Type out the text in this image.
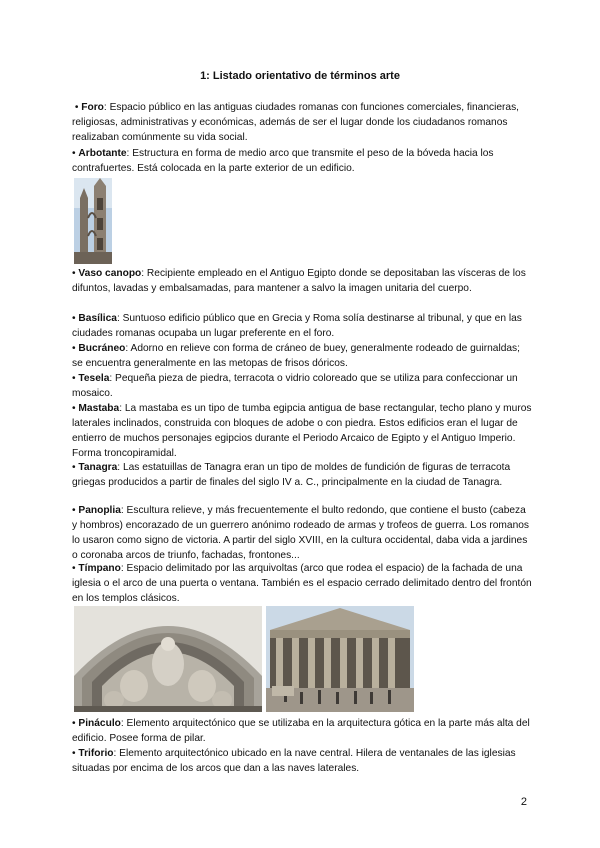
1: Listado orientativo de términos arte

• Foro: Espacio público en las antiguas ciudades romanas con funciones comerciales, financieras, religiosas, administrativas y económicas, además de ser el lugar donde los ciudadanos romanos realizaban comúnmente su vida social.

• Arbotante: Estructura en forma de medio arco que transmite el peso de la bóveda hacia los contrafuertes. Está colocada en la parte exterior de un edificio.

• Vaso canopo: Recipiente empleado en el Antiguo Egipto donde se depositaban las vísceras de los difuntos, lavadas y embalsamadas, para mantener a salvo la imagen unitaria del cuerpo.

• Basílica: Suntuoso edificio público que en Grecia y Roma solía destinarse al tribunal, y que en las ciudades romanas ocupaba un lugar preferente en el foro.

• Bucráneo: Adorno en relieve con forma de cráneo de buey, generalmente rodeado de guirnaldas; se encuentra generalmente en las metopas de frisos dóricos.

• Tesela: Pequeña pieza de piedra, terracota o vidrio coloreado que se utiliza para confeccionar un mosaico.

• Mastaba: La mastaba es un tipo de tumba egipcia antigua de base rectangular, techo plano y muros laterales inclinados, construida con bloques de adobe o con piedra. Estos edificios eran el lugar de entierro de muchos personajes egipcios durante el Periodo Arcaico de Egipto y el Antiguo Imperio. Forma troncopiramidal.

• Tanagra: Las estatuillas de Tanagra eran un tipo de moldes de fundición de figuras de terracota griegas producidos a partir de finales del siglo IV a. C., principalmente en la ciudad de Tanagra.

• Panoplia: Escultura relieve, y más frecuentemente el bulto redondo, que contiene el busto (cabeza y hombros) encorazado de un guerrero anónimo rodeado de armas y trofeos de guerra. Los romanos lo usaron como signo de victoria. A partir del siglo XVIII, en la cultura occidental, daba vida a jardines o coronaba arcos de triunfo, fachadas, frontones...

• Tímpano: Espacio delimitado por las arquivoltas (arco que rodea el espacio) de la fachada de una iglesia o el arco de una puerta o ventana. También es el espacio cerrado delimitado dentro del frontón en los templos clásicos.

• Pináculo: Elemento arquitectónico que se utilizaba en la arquitectura gótica en la parte más alta del edificio. Posee forma de pilar.

• Triforio: Elemento arquitectónico ubicado en la nave central. Hilera de ventanales de las iglesias situadas por encima de los arcos que dan a las naves laterales.

2
